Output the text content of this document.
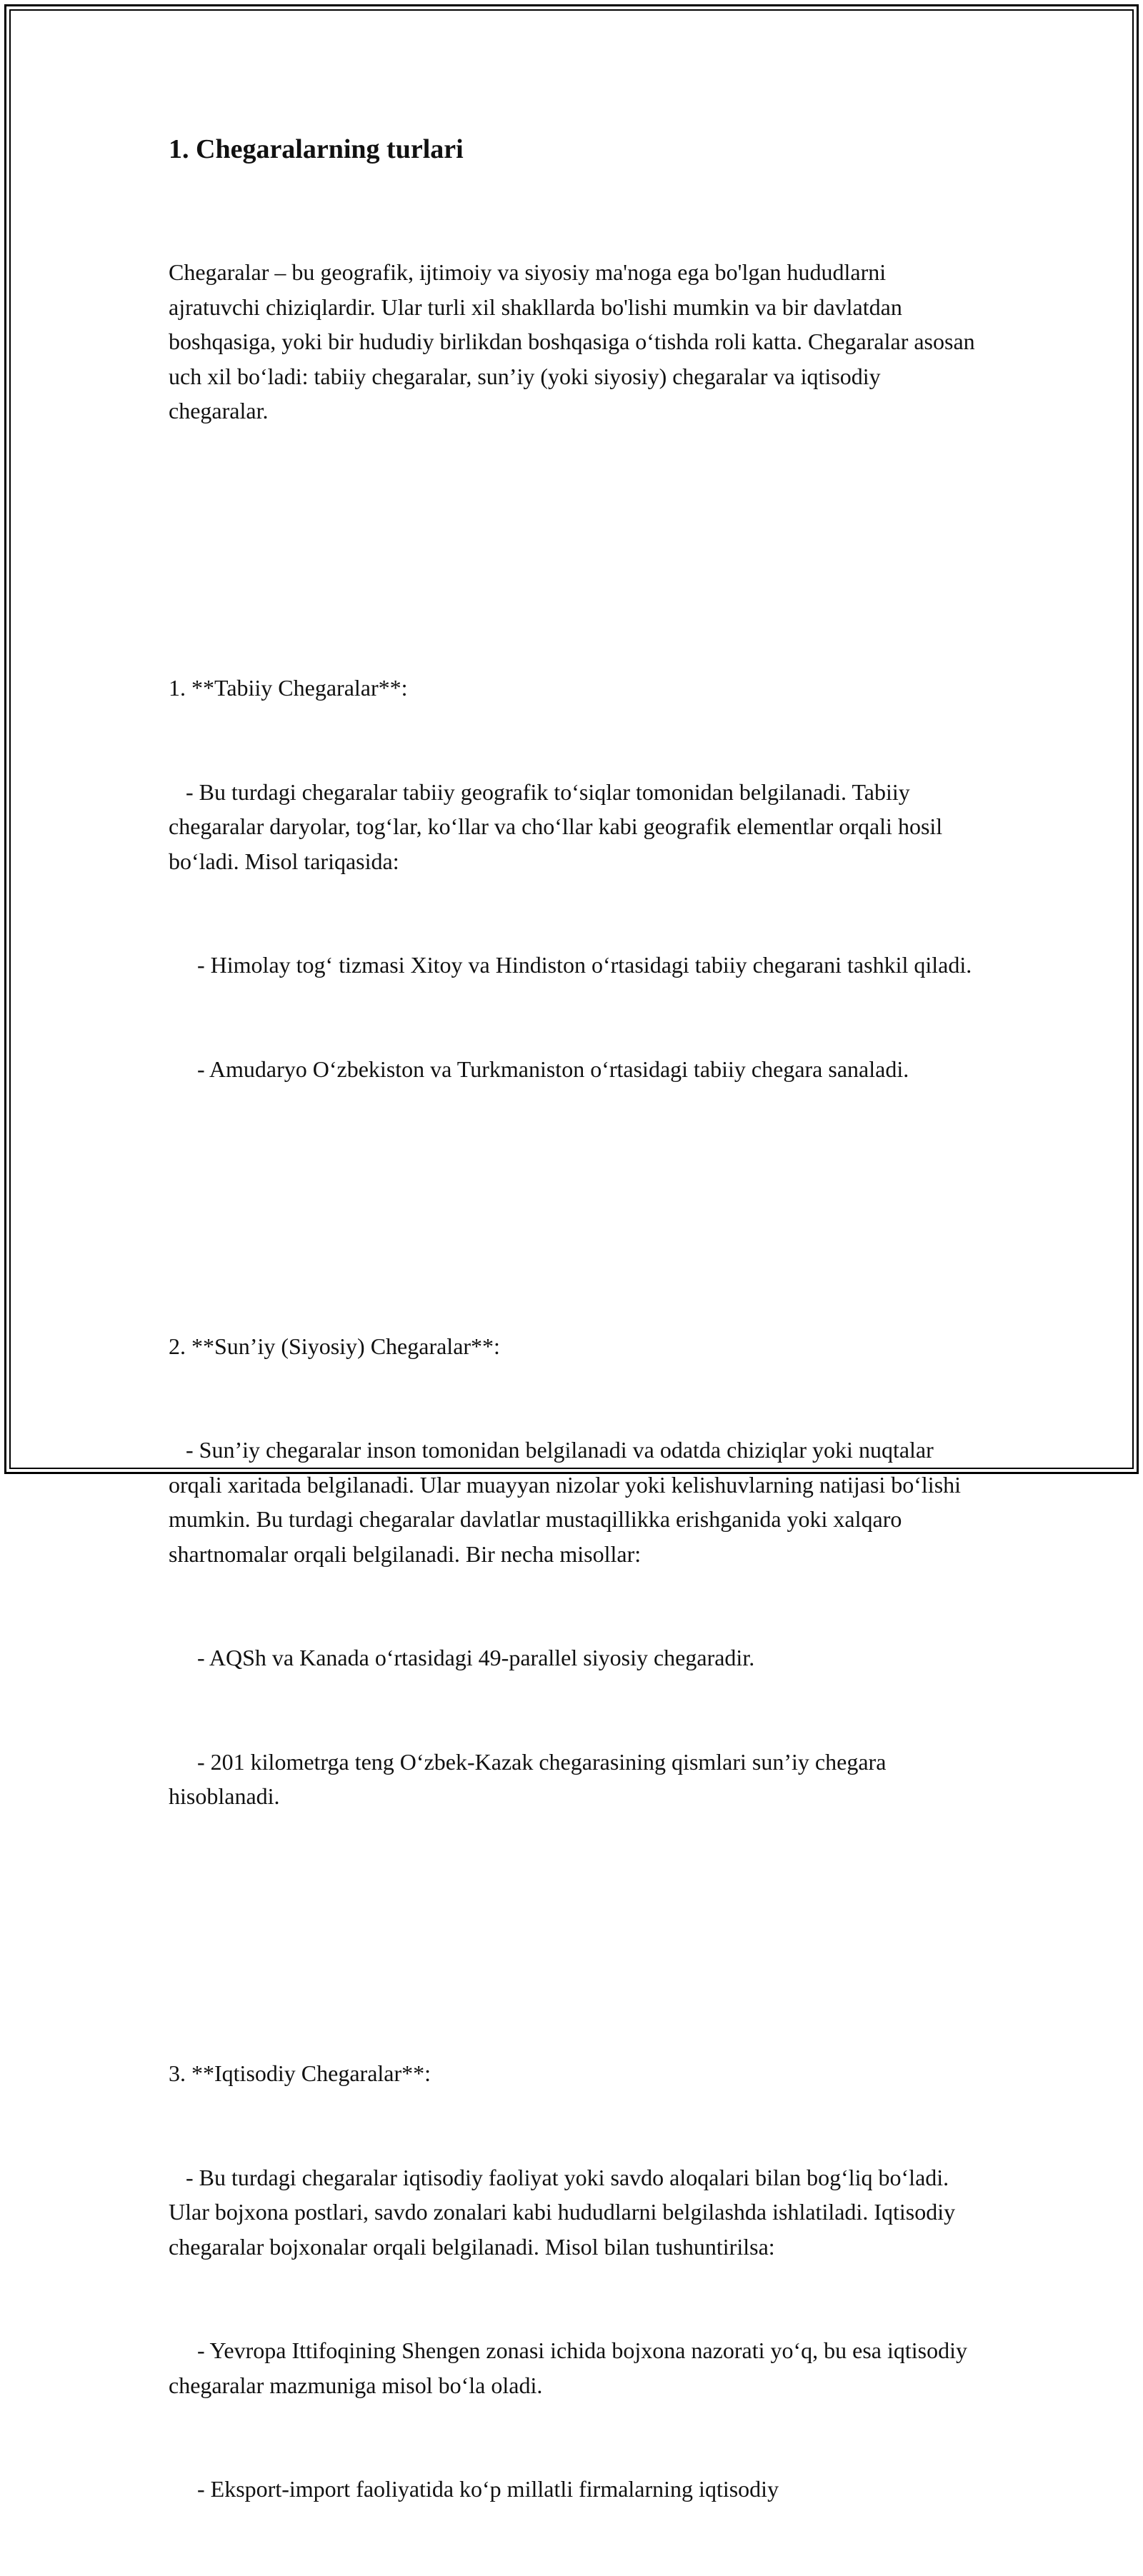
1. Chegaralarning turlari

Chegaralar – bu geografik, ijtimoiy va siyosiy ma'noga ega bo'lgan hududlarni ajratuvchi chiziqlardir. Ular turli xil shakllarda bo'lishi mumkin va bir davlatdan boshqasiga, yoki bir hududiy birlikdan boshqasiga oʻtishda roli katta. Chegaralar asosan uch xil boʻladi: tabiiy chegaralar, sun’iy (yoki siyosiy) chegaralar va iqtisodiy chegaralar.

1. **Tabiiy Chegaralar**:

- Bu turdagi chegaralar tabiiy geografik toʻsiqlar tomonidan belgilanadi. Tabiiy chegaralar daryolar, togʻlar, koʻllar va choʻllar kabi geografik elementlar orqali hosil boʻladi. Misol tariqasida:

- Himolay togʻ tizmasi Xitoy va Hindiston oʻrtasidagi tabiiy chegarani tashkil qiladi.

- Amudaryo Oʻzbekiston va Turkmaniston oʻrtasidagi tabiiy chegara sanaladi.

2. **Sun’iy (Siyosiy) Chegaralar**:

- Sun’iy chegaralar inson tomonidan belgilanadi va odatda chiziqlar yoki nuqtalar orqali xaritada belgilanadi. Ular muayyan nizolar yoki kelishuvlarning natijasi boʻlishi mumkin. Bu turdagi chegaralar davlatlar mustaqillikka erishganida yoki xalqaro shartnomalar orqali belgilanadi. Bir necha misollar:

- AQSh va Kanada oʻrtasidagi 49-parallel siyosiy chegaradir.

- 201 kilometrga teng Oʻzbek-Kazak chegarasining qismlari sun’iy chegara hisoblanadi.

3. **Iqtisodiy Chegaralar**:

- Bu turdagi chegaralar iqtisodiy faoliyat yoki savdo aloqalari bilan bogʻliq boʻladi. Ular bojxona postlari, savdo zonalari kabi hududlarni belgilashda ishlatiladi. Iqtisodiy chegaralar bojxonalar orqali belgilanadi. Misol bilan tushuntirilsa:

- Yevropa Ittifoqining Shengen zonasi ichida bojxona nazorati yoʻq, bu esa iqtisodiy chegaralar mazmuniga misol boʻla oladi.

- Eksport-import faoliyatida koʻp millatli firmalarning iqtisodiy
